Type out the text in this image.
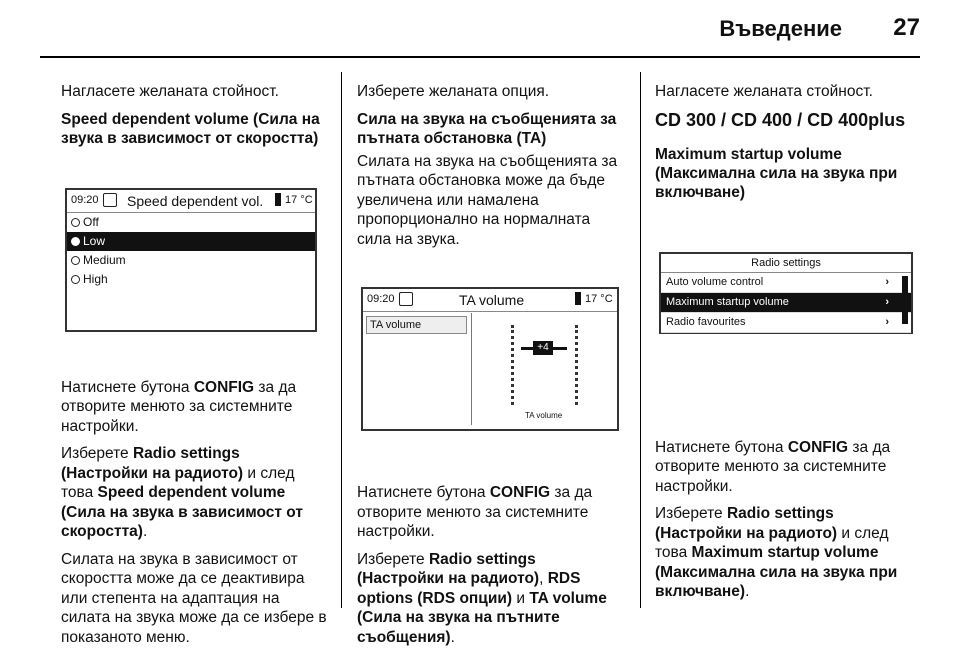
Въведение 27

Нагласете желаната стойност.

Speed dependent volume (Сила на звука в зависимост от скоростта)

09:20 Speed dependent vol. 17 °C
Off
Low
Medium
High

Натиснете бутона CONFIG за да отворите менюто за системните настройки.

Изберете Radio settings (Настройки на радиото) и след това Speed dependent volume (Сила на звука в зависимост от скоростта).

Силата на звука в зависимост от скоростта може да се деактивира или степента на адаптация на силата на звука може да се избере в показаното меню.

Изберете желаната опция.

Сила на звука на съобщенията за пътната обстановка (TA)

Силата на звука на съобщенията за пътната обстановка може да бъде увеличена или намалена пропорционално на нормалната сила на звука.

09:20	TA volume	17 °C
TA volume
+4
TA volume

Натиснете бутона CONFIG за да отворите менюто за системните настройки.

Изберете Radio settings (Настройки на радиото), RDS options (RDS опции) и TA volume (Сила на звука на пътните съобщения).

Нагласете желаната стойност.

CD 300 / CD 400 / CD 400plus

Maximum startup volume (Максимална сила на звука при включване)

Radio settings
Auto volume control	›
Maximum startup volume	›
Radio favourites	›

Натиснете бутона CONFIG за да отворите менюто за системните настройки.

Изберете Radio settings (Настройки на радиото) и след това Maximum startup volume (Максимална сила на звука при включване).
